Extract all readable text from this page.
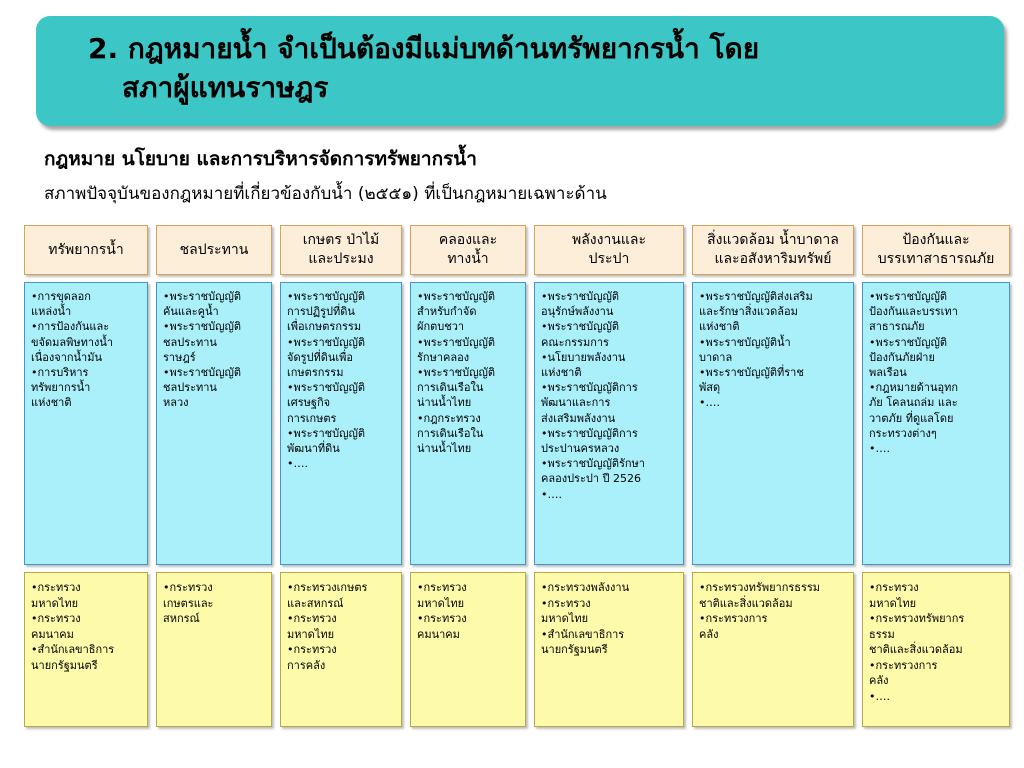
2. กฎหมายน้ำ จำเป็นต้องมีแม่บทด้านทรัพยากรน้ำ โดย
สภาผู้แทนราษฎร
กฎหมาย นโยบาย และการบริหารจัดการทรัพยากรน้ำ
สภาพปัจจุบันของกฎหมายที่เกี่ยวข้องกับน้ำ (๒๕๕๑) ที่เป็นกฎหมายเฉพาะด้าน
ทรัพยากรน้ำ
•การขุดลอก
แหล่งน้ำ
•การป้องกันและ
ขจัดมลพิษทางน้ำ
เนื่องจากน้ำมัน
•การบริหาร
ทรัพยากรน้ำ
แห่งชาติ
•กระทรวง
มหาดไทย
•กระทรวง
คมนาคม
•สำนักเลขาธิการ
นายกรัฐมนตรี
ชลประทาน
•พระราชบัญญัติ
คันและคูน้ำ
•พระราชบัญญัติ
ชลประทาน
ราษฎร์
•พระราชบัญญัติ
ชลประทาน
หลวง
•กระทรวง
เกษตรและ
สหกรณ์
เกษตร ป่าไม้
และประมง
•พระราชบัญญัติ
การปฏิรูปที่ดิน
เพื่อเกษตรกรรม
•พระราชบัญญัติ
จัดรูปที่ดินเพื่อ
เกษตรกรรม
•พระราชบัญญัติ
เศรษฐกิจ
การเกษตร
•พระราชบัญญัติ
พัฒนาที่ดิน
•….
•กระทรวงเกษตร
และสหกรณ์
•กระทรวง
มหาดไทย
•กระทรวง
การคลัง
คลองและ
ทางน้ำ
•พระราชบัญญัติ
สำหรับกำจัด
ผักตบชวา
•พระราชบัญญัติ
รักษาคลอง
•พระราชบัญญัติ
การเดินเรือใน
น่านน้ำไทย
•กฎกระทรวง
การเดินเรือใน
น่านน้ำไทย
•กระทรวง
มหาดไทย
•กระทรวง
คมนาคม
พลังงานและ
ประปา
•พระราชบัญญัติ
อนุรักษ์พลังงาน
•พระราชบัญญัติ
คณะกรรมการ
•นโยบายพลังงาน
แห่งชาติ
•พระราชบัญญัติการ
พัฒนาและการ
ส่งเสริมพลังงาน
•พระราชบัญญัติการ
ประปานครหลวง
•พระราชบัญญัติรักษา
คลองประปา ปี 2526
•….
•กระทรวงพลังงาน
•กระทรวง
มหาดไทย
•สำนักเลขาธิการ
นายกรัฐมนตรี
สิ่งแวดล้อม น้ำบาดาล
และอสังหาริมทรัพย์
•พระราชบัญญัติส่งเสริม
และรักษาสิ่งแวดล้อม
แห่งชาติ
•พระราชบัญญัติน้ำ
บาดาล
•พระราชบัญญัติที่ราช
พัสดุ
•….
•กระทรวงทรัพยากรธรรม
ชาติและสิ่งแวดล้อม
•กระทรวงการ
คลัง
ป้องกันและ
บรรเทาสาธารณภัย
•พระราชบัญญัติ
ป้องกันและบรรเทา
สาธารณภัย
•พระราชบัญญัติ
ป้องกันภัยฝ่าย
พลเรือน
•กฎหมายด้านอุทก
ภัย โคลนถล่ม และ
วาตภัย ที่ดูแลโดย
กระทรวงต่างๆ
•….
•กระทรวง
มหาดไทย
•กระทรวงทรัพยากร
ธรรม
ชาติและสิ่งแวดล้อม
•กระทรวงการ
คลัง
•….
